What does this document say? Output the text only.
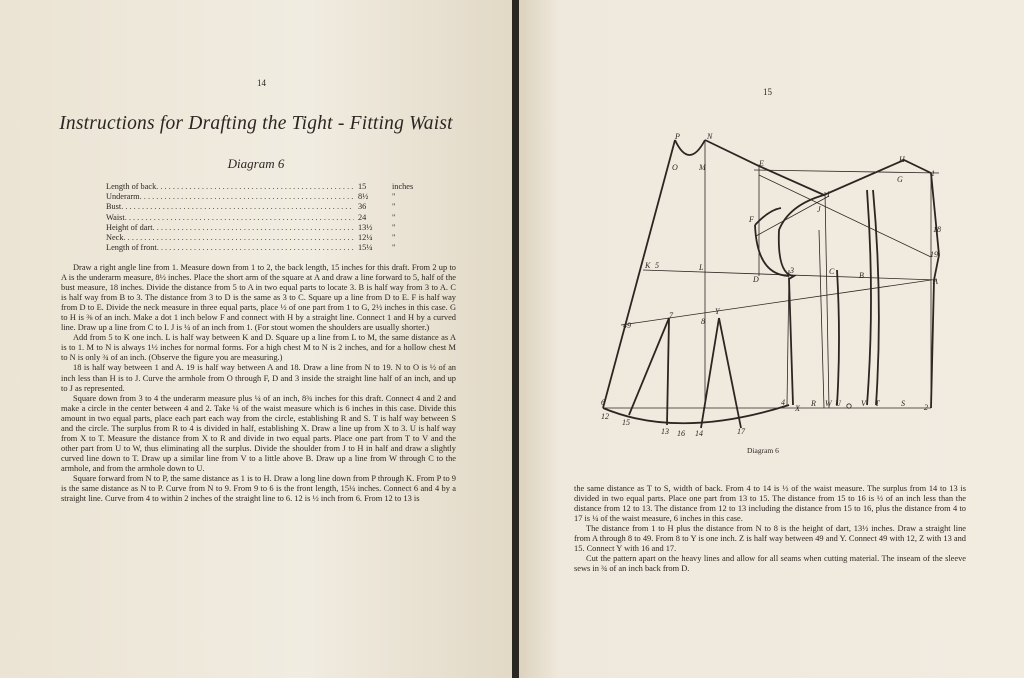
14
Instructions for Drafting the Tight - Fitting Waist
Diagram 6
Length of back . . .	15	inches
Underarm . . .	8½	"
Bust . . .	36	"
Waist . . .	24	"
Height of dart . . .	13½	"
Neck . . .	12¼	"
Length of front . . .	15¼	"

Draw a right angle line from 1. Measure down from 1 to 2, the back length, 15 inches for this draft. From 2 up to A is the underarm measure, 8½ inches. Place the short arm of the square at A and draw a line forward to 5, half of the bust measure, 18 inches. Divide the distance from 5 to A in two equal parts to locate 3. B is half way from 3 to A. C is half way from B to 3. The distance from 3 to D is the same as 3 to C. Square up a line from D to E. F is half way from D to E. Divide the neck measure in three equal parts, place ½ of one part from 1 to G, 2½ inches in this case. G to H is ⅜ of an inch. Make a dot 1 inch below F and connect with H by a straight line. Connect 1 and H by a curved line. Draw up a line from C to I. J is ¼ of an inch from 1. (For stout women the shoulders are usually shorter.)

Add from 5 to K one inch. L is half way between K and D. Square up a line from L to M, the same distance as A is to 1. M to N is always 1½ inches for normal forms. For a high chest M to N is 2 inches, and for a hollow chest M to N is only ¾ of an inch. (Observe the figure you are measuring.)

18 is half way between 1 and A. 19 is half way between A and 18. Draw a line from N to 19. N to O is ½ of an inch less than H is to J. Curve the armhole from O through F, D and 3 inside the straight line half of an inch, and up to J as represented.

Square down from 3 to 4 the underarm measure plus ¼ of an inch, 8¾ inches for this draft. Connect 4 and 2 and make a circle in the center between 4 and 2. Take ¼ of the waist measure which is 6 inches in this case. Divide this amount in two equal parts, place each part each way from the circle, establishing R and S. T is half way between S and the circle. The surplus from R to 4 is divided in half, establishing X. Draw a line up from X to 3. U is half way from X to T. Measure the distance from X to R and divide in two equal parts. Place one part from T to V and the other part from U to W, thus eliminating all the surplus. Divide the shoulder from J to H in half and draw a slightly curved line down to T. Draw up a similar line from V to a little above B. Draw up a line from W through C to the armhole, and from the armhole down to U.

Square forward from N to P, the same distance as 1 is to H. Draw a long line down from P through K. From P to 9 is the same distance as N to P. Curve from N to 9. From 9 to 6 is the front length, 15¼ inches. Connect 6 and 4 by a straight line. Curve from 4 to within 2 inches of the straight line to 6. 12 is ½ inch from 6. From 12 to 13 is

15
P	N
O	M	E	H
G
I
J
F
18
19
K 5	L
D
3	C	B
A
7
8
Y
49
6
12
15
13 16 14	17
4
X
R W U	V T	S 2
1
Diagram 6

the same distance as T to S, width of back. From 4 to 14 is ½ of the waist measure. The surplus from 14 to 13 is divided in two equal parts. Place one part from 13 to 15. The distance from 15 to 16 is ½ of an inch less than the distance from 12 to 13. The distance from 12 to 13 including the distance from 15 to 16, plus the distance from 4 to 17 is ¼ of the waist measure, 6 inches in this case.

The distance from 1 to H plus the distance from N to 8 is the height of dart, 13½ inches. Draw a straight line from A through 8 to 49. From 8 to Y is one inch. Z is half way between 49 and Y. Connect 49 with 12, Z with 13 and 15. Connect Y with 16 and 17.

Cut the pattern apart on the heavy lines and allow for all seams when cutting material. The inseam of the sleeve sews in ¾ of an inch back from D.
